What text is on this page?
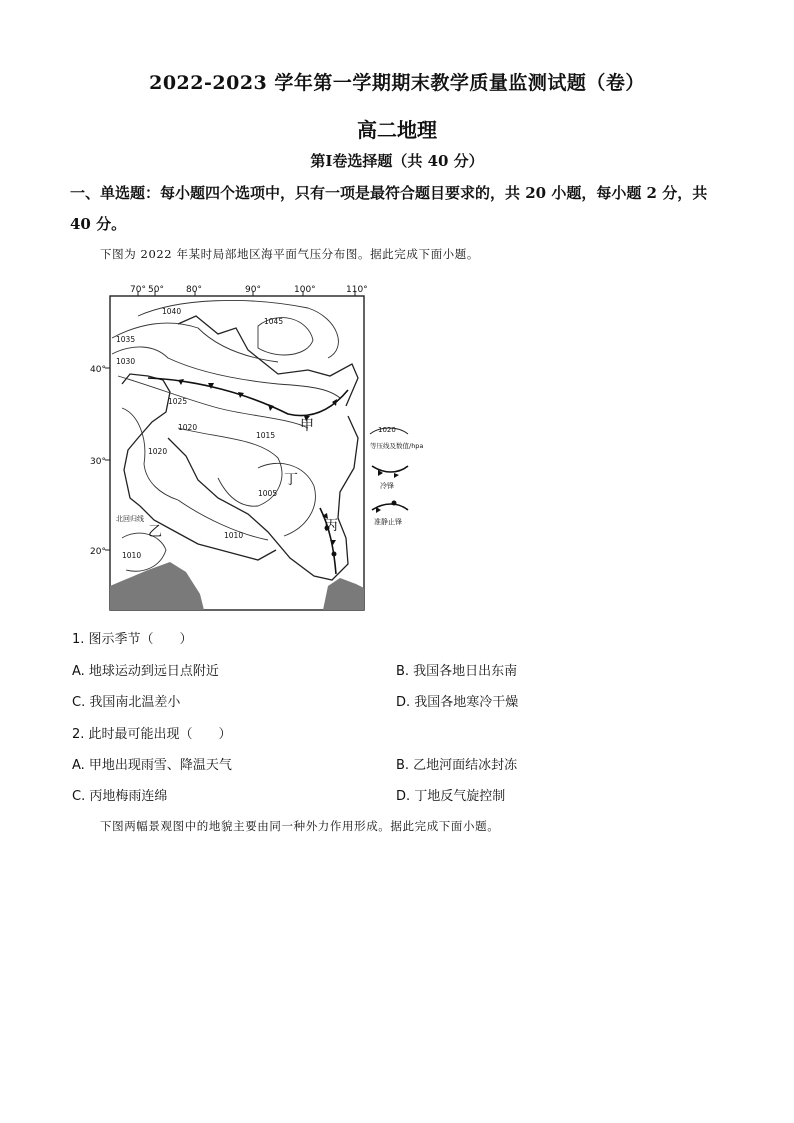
2022-2023 学年第一学期期末教学质量监测试题（卷）
高二地理
第Ⅰ卷选择题（共 40 分）
一、单选题：每小题四个选项中，只有一项是最符合题目要求的，共 20 小题，每小题 2 分，共 40 分。
下图为 2022 年某时局部地区海平面气压分布图。据此完成下面小题。
70° 50° 80°	90°	100°	110°
40°
30°
20°
1040
1045
1035
1030
1025
1020
1015
1020
1005
1010
1010
北回归线
甲
乙	丙
丁
1020
等压线及数值/hpa
冷锋
准静止锋
1. 图示季节（　　）
A. 地球运动到远日点附近	B. 我国各地日出东南
C. 我国南北温差小	D. 我国各地寒冷干燥
2. 此时最可能出现（　　）
A. 甲地出现雨雪、降温天气	B. 乙地河面结冰封冻
C. 丙地梅雨连绵	D. 丁地反气旋控制
下图两幅景观图中的地貌主要由同一种外力作用形成。据此完成下面小题。
